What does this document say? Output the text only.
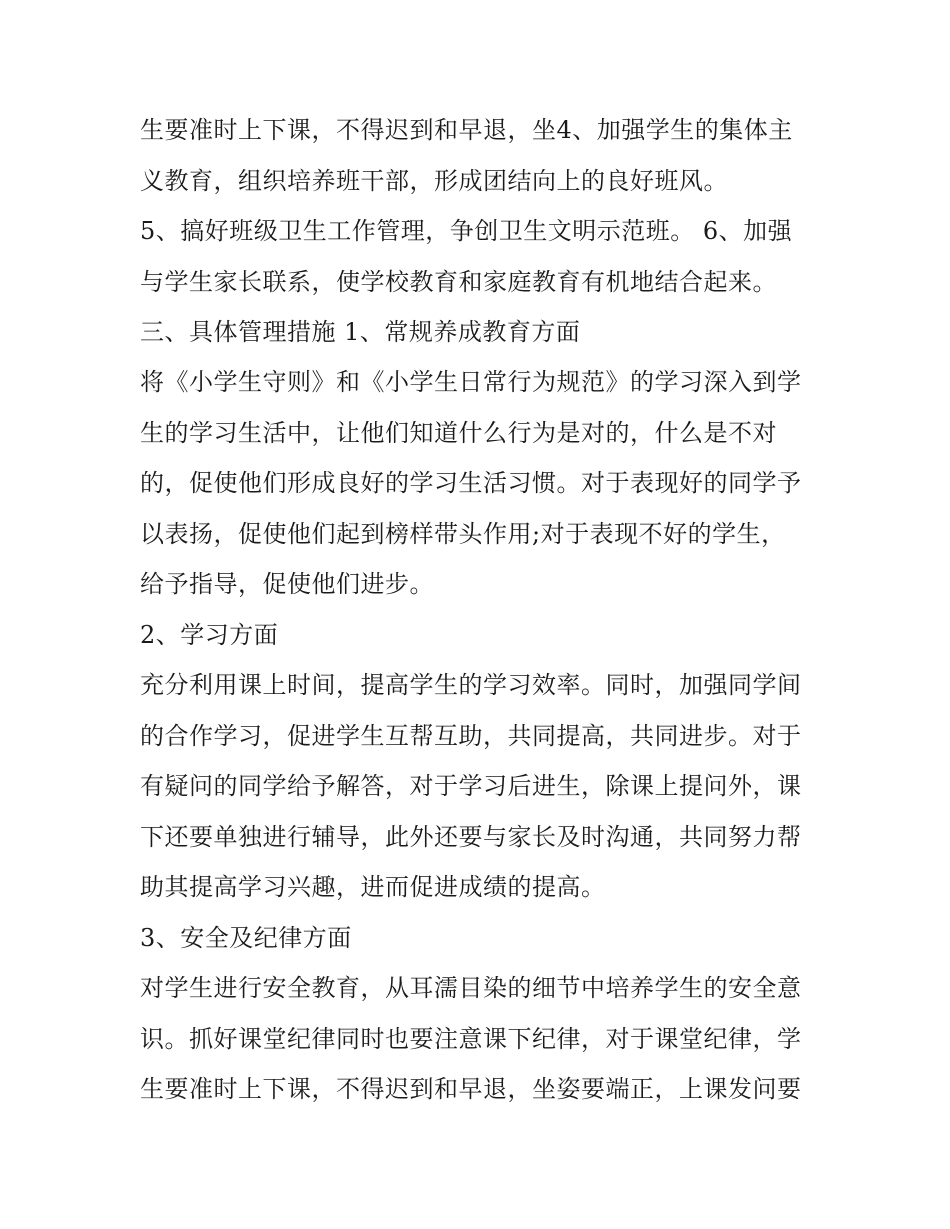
生要准时上下课，不得迟到和早退，坐4、加强学生的集体主
义教育，组织培养班干部，形成团结向上的良好班风。
5、搞好班级卫生工作管理，争创卫生文明示范班。 6、加强
与学生家长联系，使学校教育和家庭教育有机地结合起来。
三、具体管理措施 1、常规养成教育方面
将《小学生守则》和《小学生日常行为规范》的学习深入到学
生的学习生活中，让他们知道什么行为是对的，什么是不对
的，促使他们形成良好的学习生活习惯。对于表现好的同学予
以表扬，促使他们起到榜样带头作用;对于表现不好的学生，
给予指导，促使他们进步。
2、学习方面
充分利用课上时间，提高学生的学习效率。同时，加强同学间
的合作学习，促进学生互帮互助，共同提高，共同进步。对于
有疑问的同学给予解答，对于学习后进生，除课上提问外，课
下还要单独进行辅导，此外还要与家长及时沟通，共同努力帮
助其提高学习兴趣，进而促进成绩的提高。
3、安全及纪律方面
对学生进行安全教育，从耳濡目染的细节中培养学生的安全意
识。抓好课堂纪律同时也要注意课下纪律，对于课堂纪律，学
生要准时上下课，不得迟到和早退，坐姿要端正，上课发问要
